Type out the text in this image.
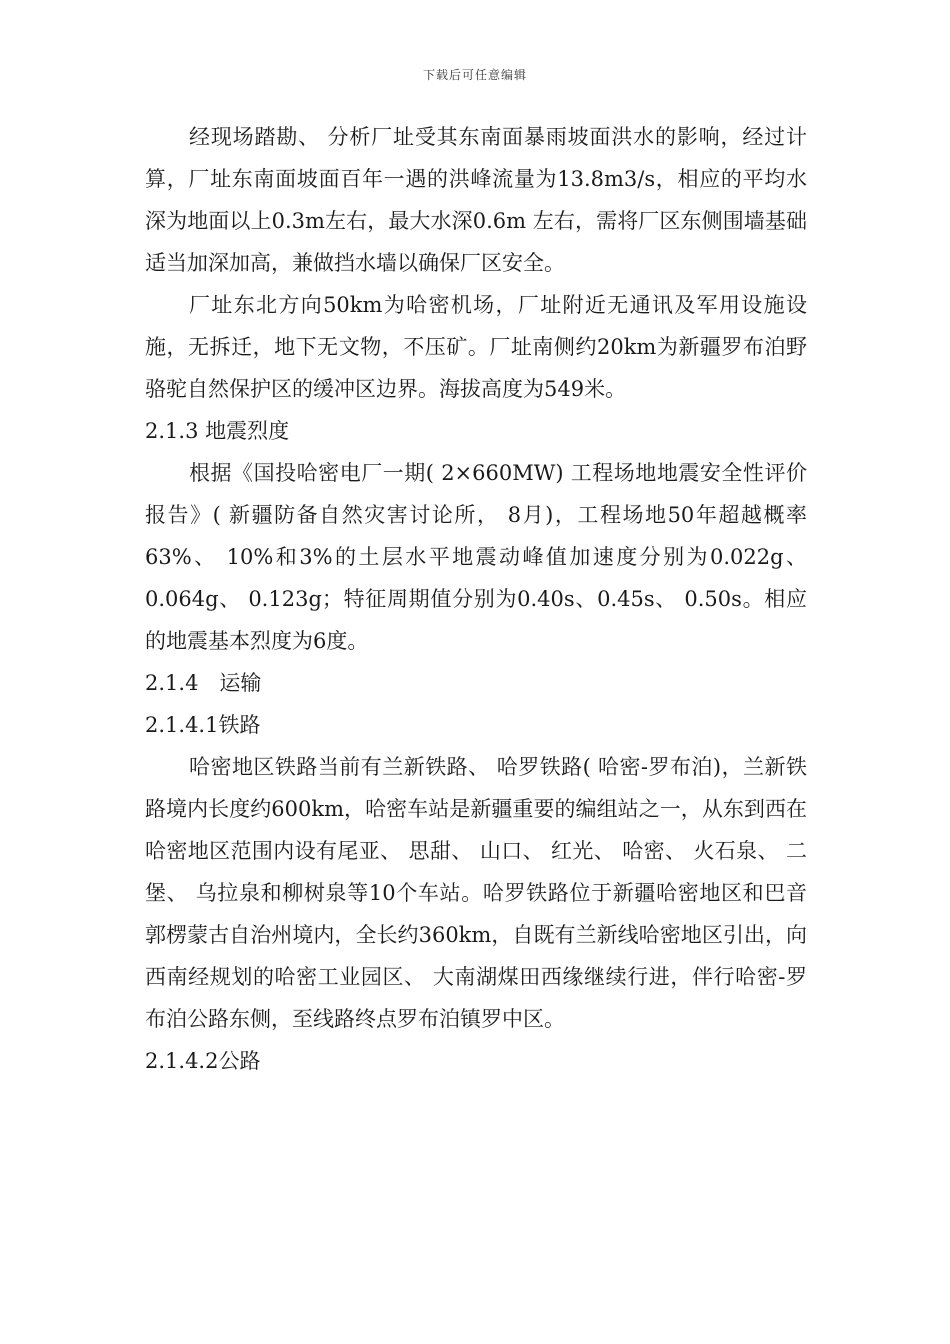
下载后可任意编辑

经现场踏勘、 分析厂址受其东南面暴雨坡面洪水的影响，经过计算，厂址东南面坡面百年一遇的洪峰流量为13.8m3/s，相应的平均水深为地面以上0.3m左右，最大水深0.6m 左右，需将厂区东侧围墙基础适当加深加高，兼做挡水墙以确保厂区安全。

厂址东北方向50km为哈密机场，厂址附近无通讯及军用设施设施，无拆迁，地下无文物，不压矿。厂址南侧约20km为新疆罗布泊野骆驼自然保护区的缓冲区边界。海拔高度为549米。

2.1.3 地震烈度

根据《国投哈密电厂一期( 2×660MW) 工程场地地震安全性评价报告》( 新疆防备自然灾害讨论所， 8月)，工程场地50年超越概率63%、 10%和3%的土层水平地震动峰值加速度分别为0.022g、 0.064g、 0.123g；特征周期值分别为0.40s、0.45s、 0.50s。相应的地震基本烈度为6度。

2.1.4　运输

2.1.4.1铁路

哈密地区铁路当前有兰新铁路、 哈罗铁路( 哈密-罗布泊)，兰新铁路境内长度约600km，哈密车站是新疆重要的编组站之一，从东到西在哈密地区范围内设有尾亚、 思甜、 山口、 红光、 哈密、 火石泉、 二堡、 乌拉泉和柳树泉等10个车站。哈罗铁路位于新疆哈密地区和巴音郭楞蒙古自治州境内，全长约360km，自既有兰新线哈密地区引出，向西南经规划的哈密工业园区、 大南湖煤田西缘继续行进，伴行哈密-罗布泊公路东侧，至线路终点罗布泊镇罗中区。

2.1.4.2公路
